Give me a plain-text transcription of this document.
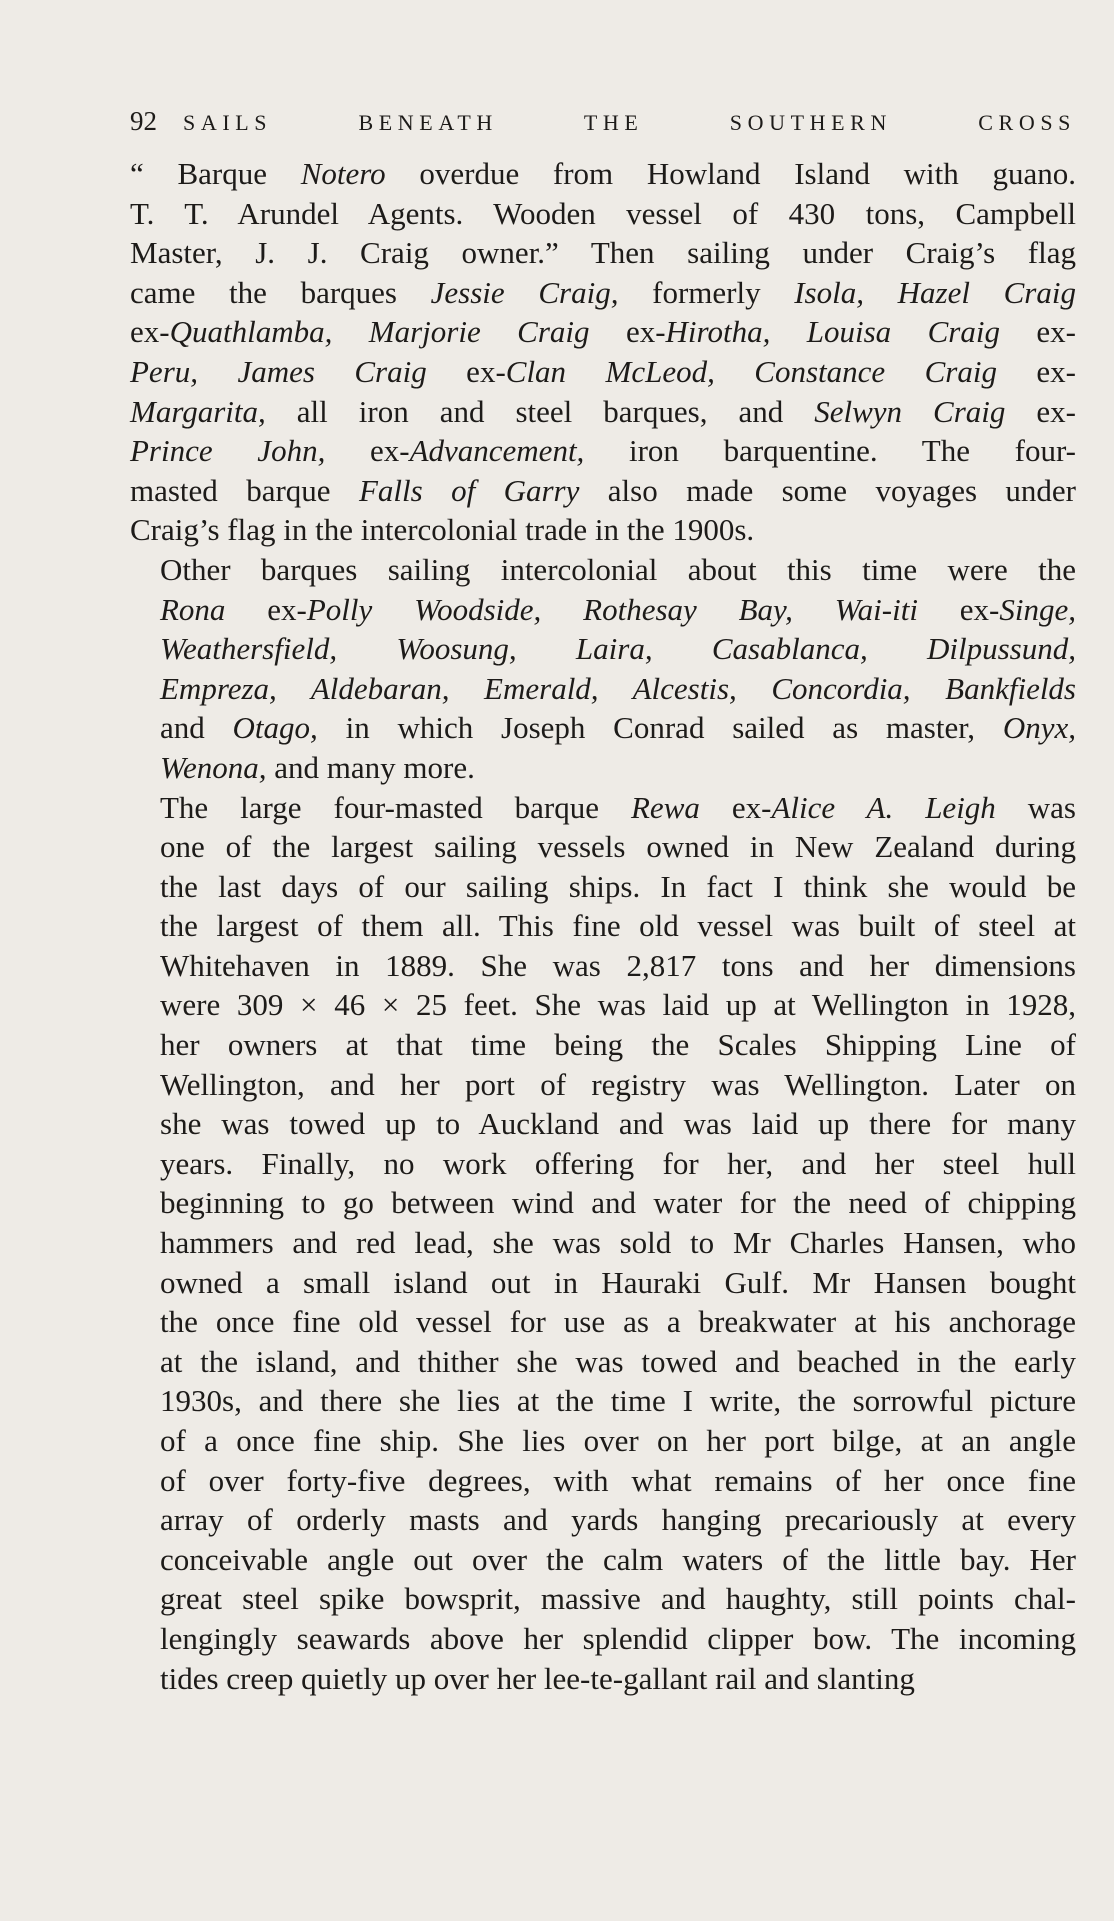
92 SAILS BENEATH THE SOUTHERN CROSS

“ Barque Notero overdue from Howland Island with guano.
T. T. Arundel Agents. Wooden vessel of 430 tons, Campbell
Master, J. J. Craig owner.” Then sailing under Craig’s flag
came the barques Jessie Craig, formerly Isola, Hazel Craig
ex-Quathlamba, Marjorie Craig ex-Hirotha, Louisa Craig ex-
Peru, James Craig ex-Clan McLeod, Constance Craig ex-
Margarita, all iron and steel barques, and Selwyn Craig ex-
Prince John, ex-Advancement, iron barquentine. The four-
masted barque Falls of Garry also made some voyages under
Craig’s flag in the intercolonial trade in the 1900s.

Other barques sailing intercolonial about this time were the
Rona ex-Polly Woodside, Rothesay Bay, Wai-iti ex-Singe,
Weathersfield, Woosung, Laira, Casablanca, Dilpussund,
Empreza, Aldebaran, Emerald, Alcestis, Concordia, Bankfields
and Otago, in which Joseph Conrad sailed as master, Onyx,
Wenona, and many more.

The large four-masted barque Rewa ex-Alice A. Leigh was
one of the largest sailing vessels owned in New Zealand during
the last days of our sailing ships. In fact I think she would be
the largest of them all. This fine old vessel was built of steel at
Whitehaven in 1889. She was 2,817 tons and her dimensions
were 309 × 46 × 25 feet. She was laid up at Wellington in 1928,
her owners at that time being the Scales Shipping Line of
Wellington, and her port of registry was Wellington. Later on
she was towed up to Auckland and was laid up there for many
years. Finally, no work offering for her, and her steel hull
beginning to go between wind and water for the need of chipping
hammers and red lead, she was sold to Mr Charles Hansen, who
owned a small island out in Hauraki Gulf. Mr Hansen bought
the once fine old vessel for use as a breakwater at his anchorage
at the island, and thither she was towed and beached in the early
1930s, and there she lies at the time I write, the sorrowful picture
of a once fine ship. She lies over on her port bilge, at an angle
of over forty-five degrees, with what remains of her once fine
array of orderly masts and yards hanging precariously at every
conceivable angle out over the calm waters of the little bay. Her
great steel spike bowsprit, massive and haughty, still points chal-
lengingly seawards above her splendid clipper bow. The incoming
tides creep quietly up over her lee-te-gallant rail and slanting
